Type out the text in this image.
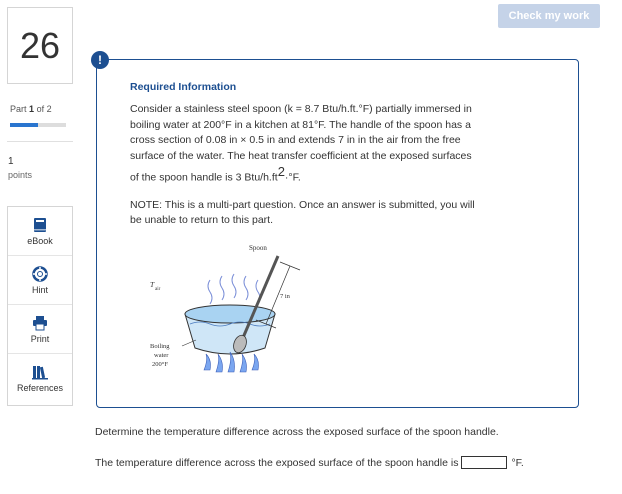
Check my work
26
Part 1 of 2
1
points
eBook
Hint
Print
References
!
Required Information
Consider a stainless steel spoon (k = 8.7 Btu/h.ft.°F) partially immersed in
boiling water at 200°F in a kitchen at 81°F. The handle of the spoon has a
cross section of 0.08 in × 0.5 in and extends 7 in in the air from the free
surface of the water. The heat transfer coefficient at the exposed surfaces
of the spoon handle is 3 Btu/$h.ft^2\cdot^\circ F$.
NOTE: This is a multi-part question. Once an answer is submitted, you will
be unable to return to this part.
Spoon
T
air
7 in
Boiling
water
200°F
Determine the temperature difference across the exposed surface of the spoon handle.
The temperature difference across the exposed surface of the spoon handle is	°F.
